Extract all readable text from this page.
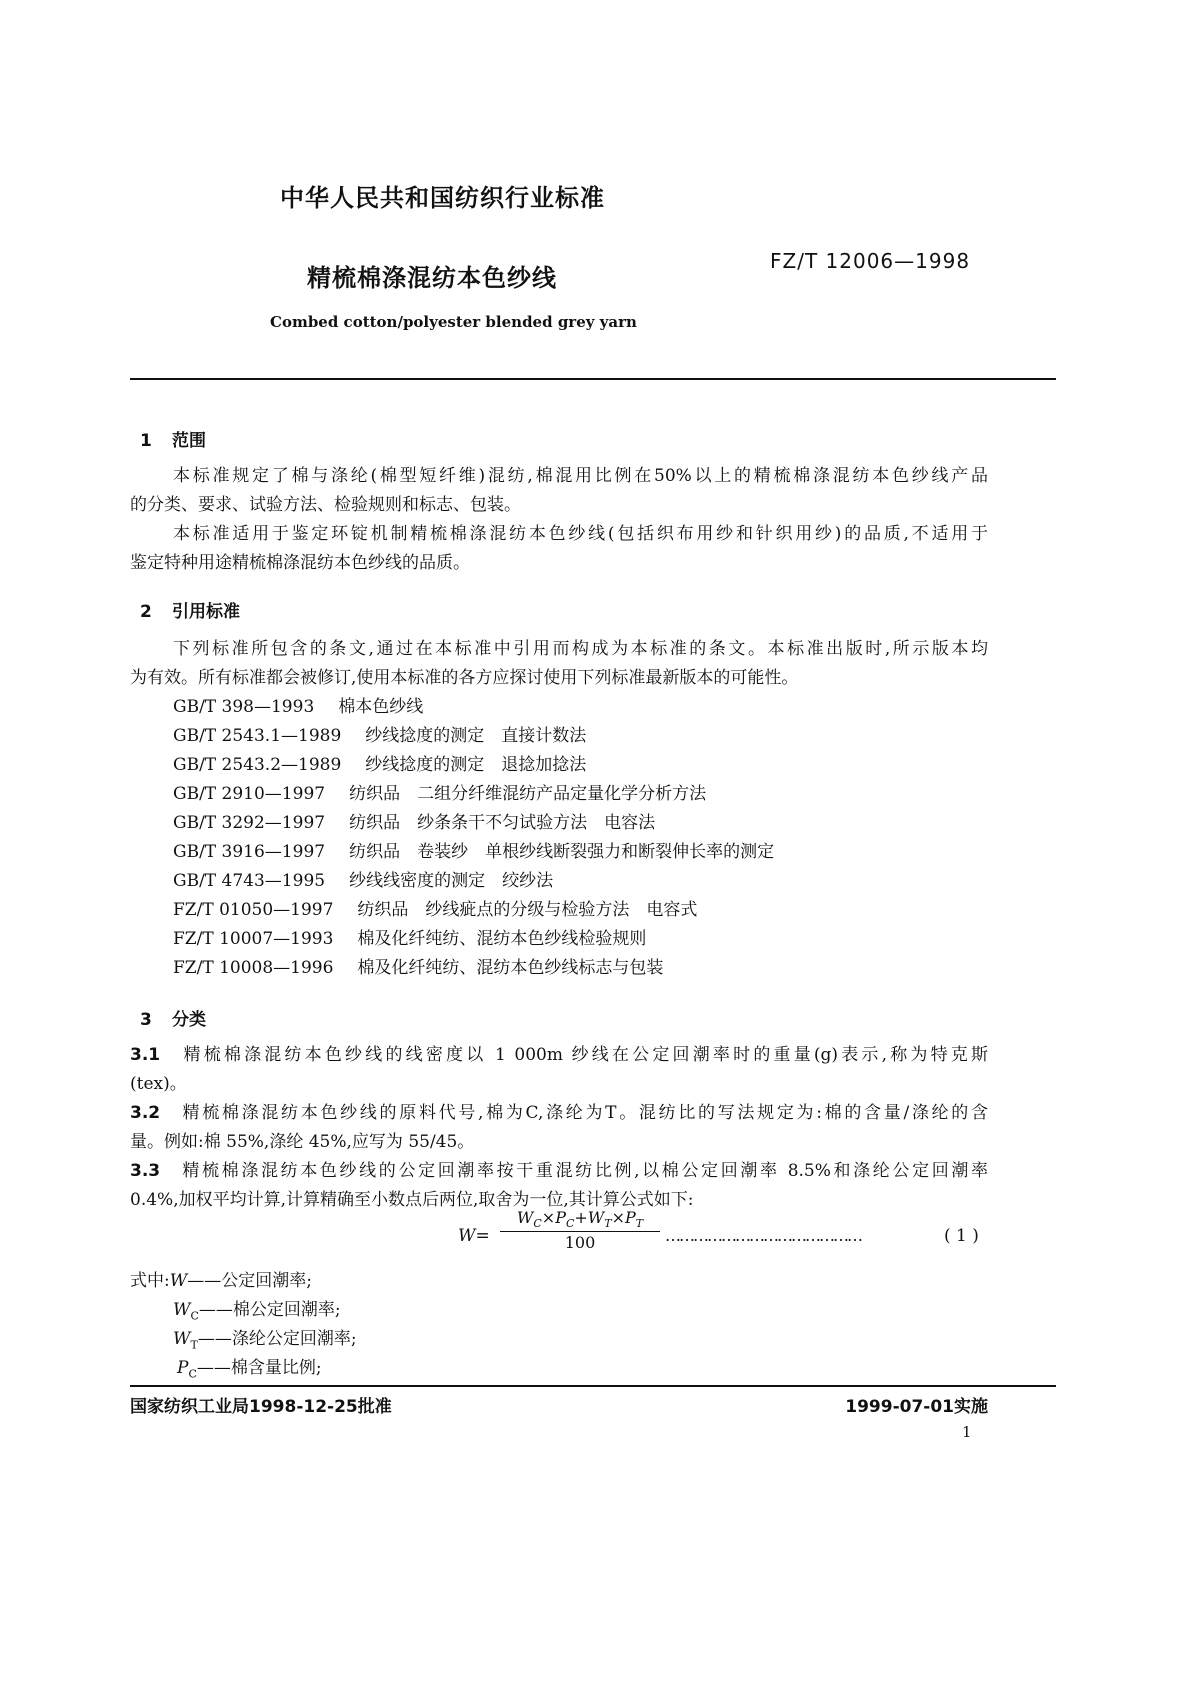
中华人民共和国纺织行业标准
精梳棉涤混纺本色纱线
FZ/T 12006—1998
Combed cotton/polyester blended grey yarn
1 范围
本标准规定了棉与涤纶(棉型短纤维)混纺,棉混用比例在50%以上的精梳棉涤混纺本色纱线产品
的分类、要求、试验方法、检验规则和标志、包装。
本标准适用于鉴定环锭机制精梳棉涤混纺本色纱线(包括织布用纱和针织用纱)的品质,不适用于
鉴定特种用途精梳棉涤混纺本色纱线的品质。
2 引用标准
下列标准所包含的条文,通过在本标准中引用而构成为本标准的条文。本标准出版时,所示版本均
为有效。所有标准都会被修订,使用本标准的各方应探讨使用下列标准最新版本的可能性。
GB/T 398—1993 棉本色纱线
GB/T 2543.1—1989 纱线捻度的测定　直接计数法
GB/T 2543.2—1989 纱线捻度的测定　退捻加捻法
GB/T 2910—1997 纺织品　二组分纤维混纺产品定量化学分析方法
GB/T 3292—1997 纺织品　纱条条干不匀试验方法　电容法
GB/T 3916—1997 纺织品　卷装纱　单根纱线断裂强力和断裂伸长率的测定
GB/T 4743—1995 纱线线密度的测定　绞纱法
FZ/T 01050—1997 纺织品　纱线疵点的分级与检验方法　电容式
FZ/T 10007—1993 棉及化纤纯纺、混纺本色纱线检验规则
FZ/T 10008—1996 棉及化纤纯纺、混纺本色纱线标志与包装
3 分类
3.1　 精梳棉涤混纺本色纱线的线密度以 1 000m 纱线在公定回潮率时的重量(g)表示,称为特克斯
(tex)。
3.2　 精梳棉涤混纺本色纱线的原料代号,棉为C,涤纶为T。混纺比的写法规定为:棉的含量/涤纶的含
量。例如:棉 55%,涤纶 45%,应写为 55/45。
3.3　 精梳棉涤混纺本色纱线的公定回潮率按干重混纺比例,以棉公定回潮率 8.5%和涤纶公定回潮率
0.4%,加权平均计算,计算精确至小数点后两位,取舍为一位,其计算公式如下:
W=
$W_C\times P_C+W_T\times P_T$
100	……………………………………	( 1 )
式中:W——公定回潮率;
$W_C——$棉公定回潮率;
$W_T——$涤纶公定回潮率;
$P_C——$棉含量比例;
国家纺织工业局1998-12-25批准	1999-07-01实施
1
